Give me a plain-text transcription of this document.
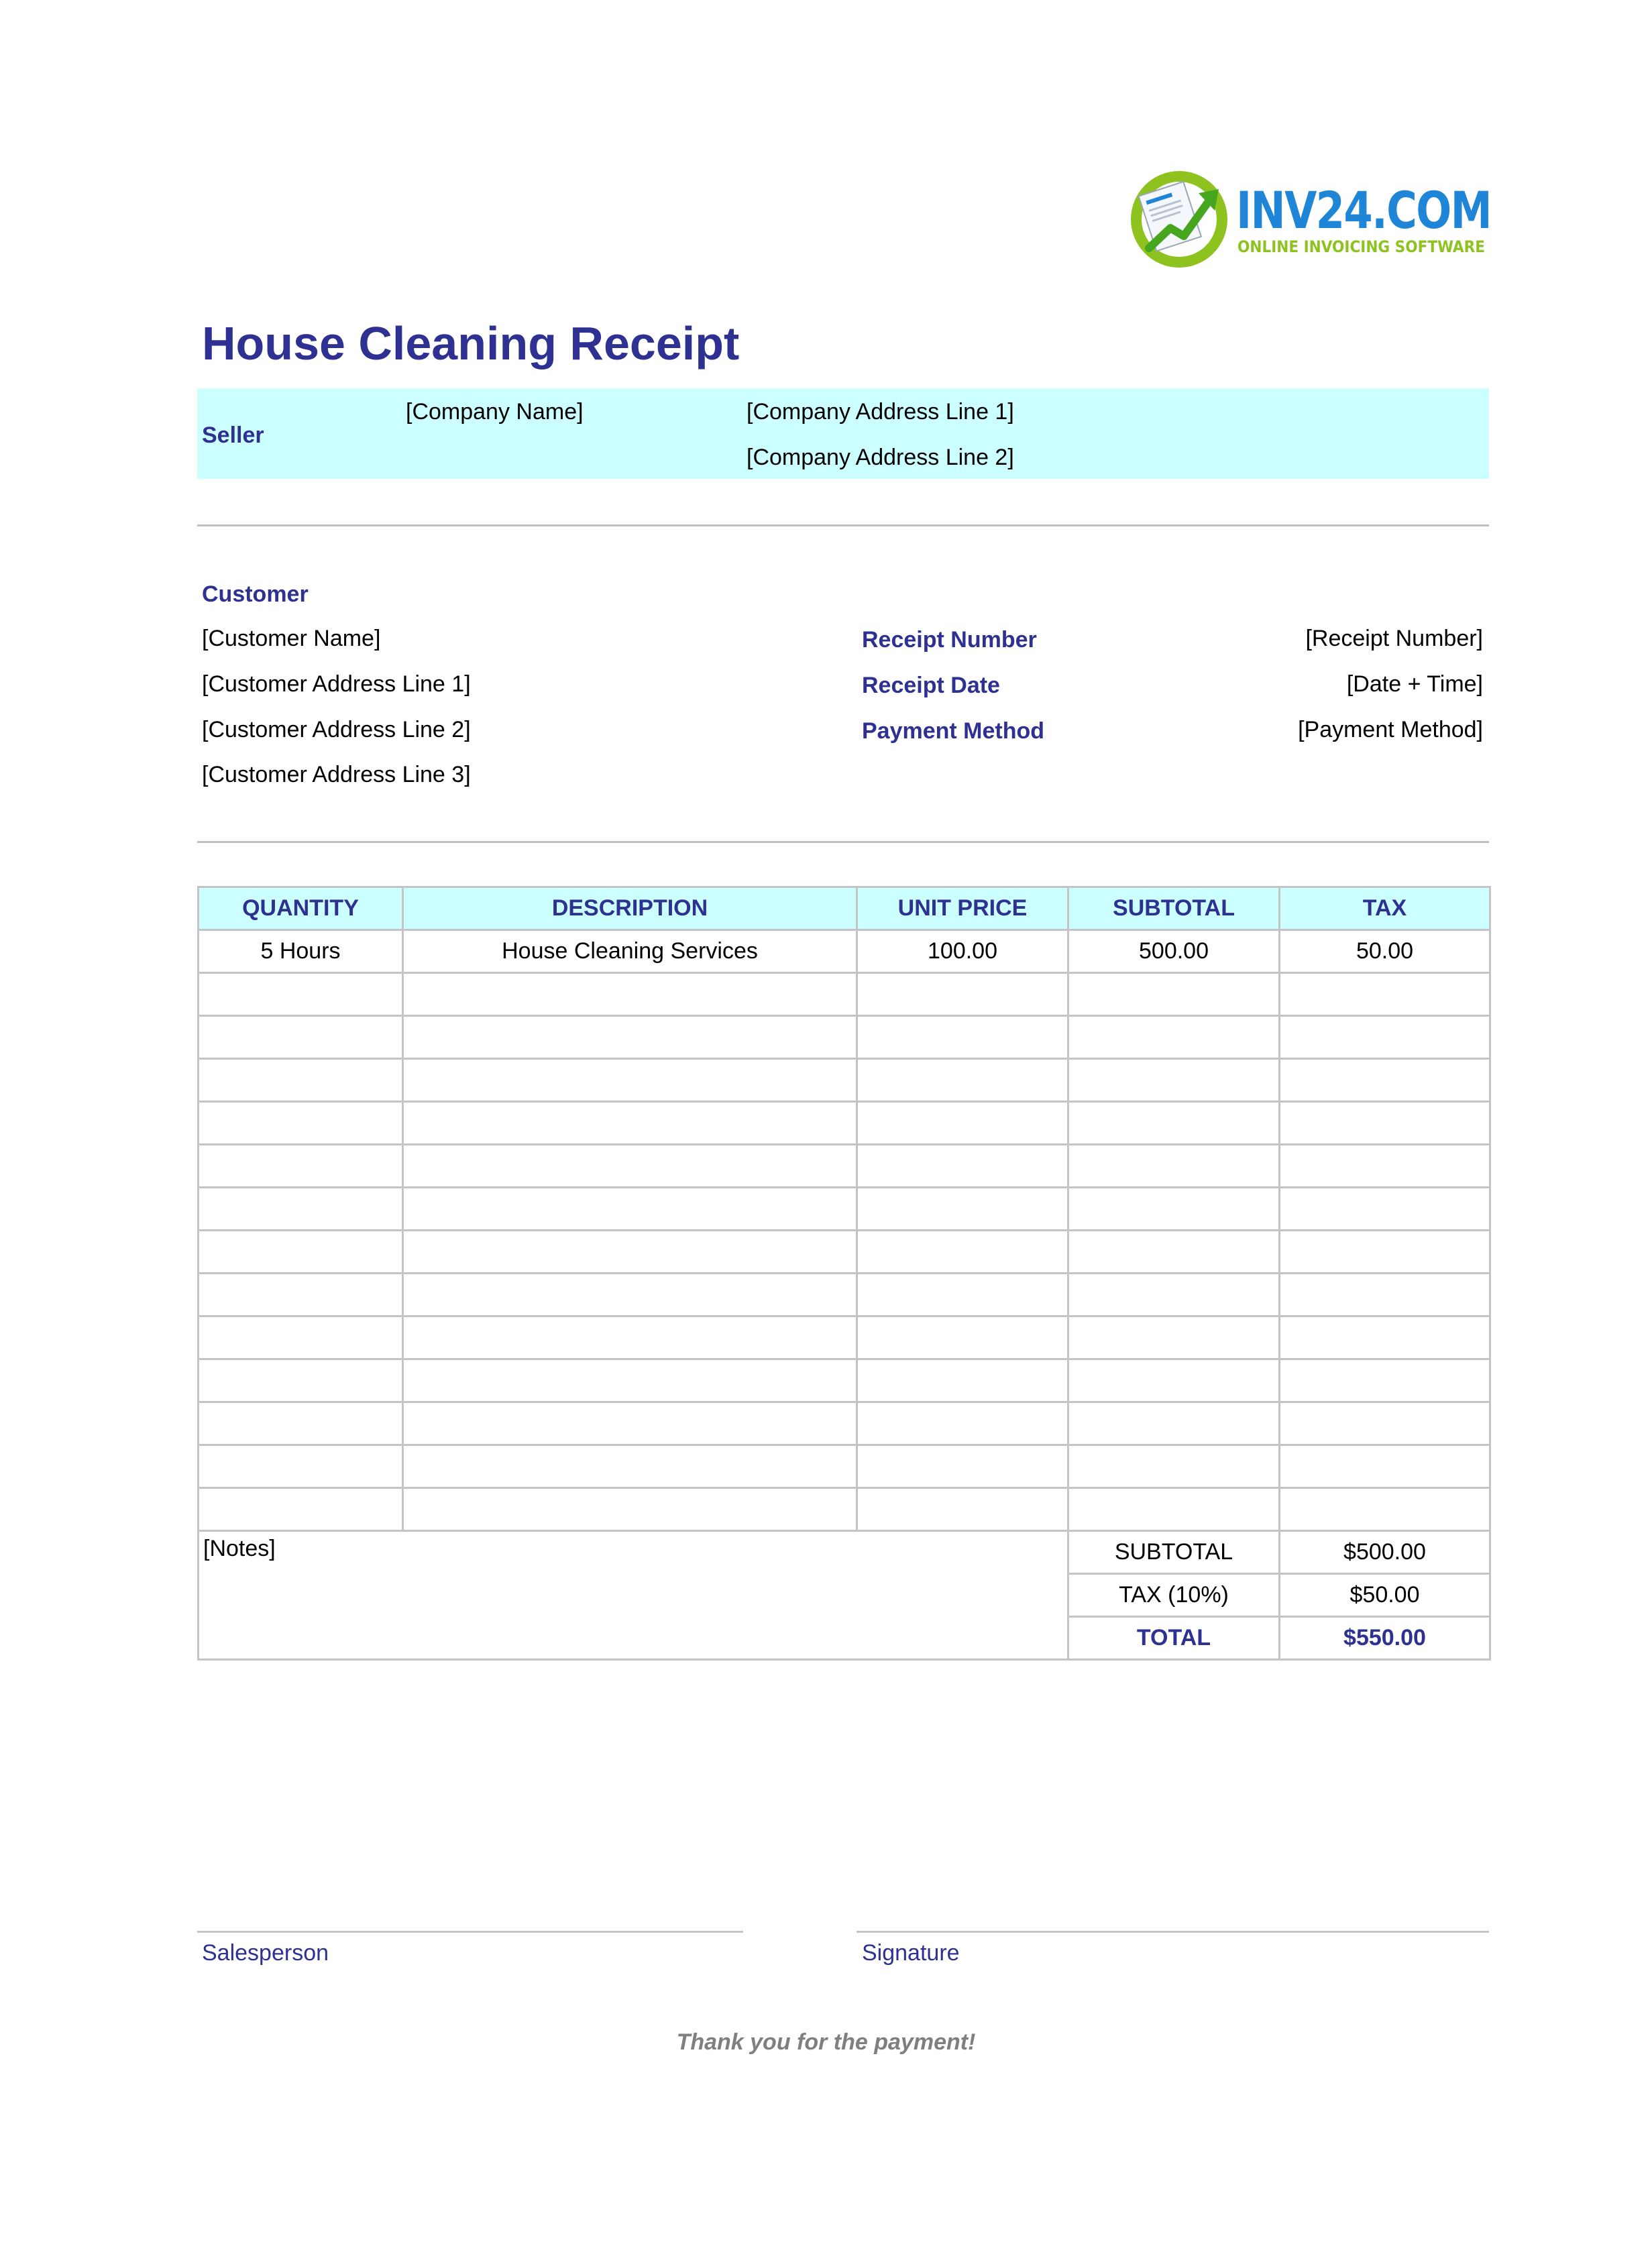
INV24.COM
ONLINE INVOICING SOFTWARE
House Cleaning Receipt
Seller
[Company Name]	[Company Address Line 1]
[Company Address Line 2]
Customer
[Customer Name]
[Customer Address Line 1]
[Customer Address Line 2]
[Customer Address Line 3]
Receipt Number	[Receipt Number]
Receipt Date	[Date + Time]
Payment Method	[Payment Method]
QUANTITY	DESCRIPTION	UNIT PRICE	SUBTOTAL	TAX
5 Hours	House Cleaning Services	100.00	500.00	50.00

[Notes]			SUBTOTAL	$500.00
			TAX (10%)	$50.00
			TOTAL	$550.00
Salesperson	Signature
Thank you for the payment!
